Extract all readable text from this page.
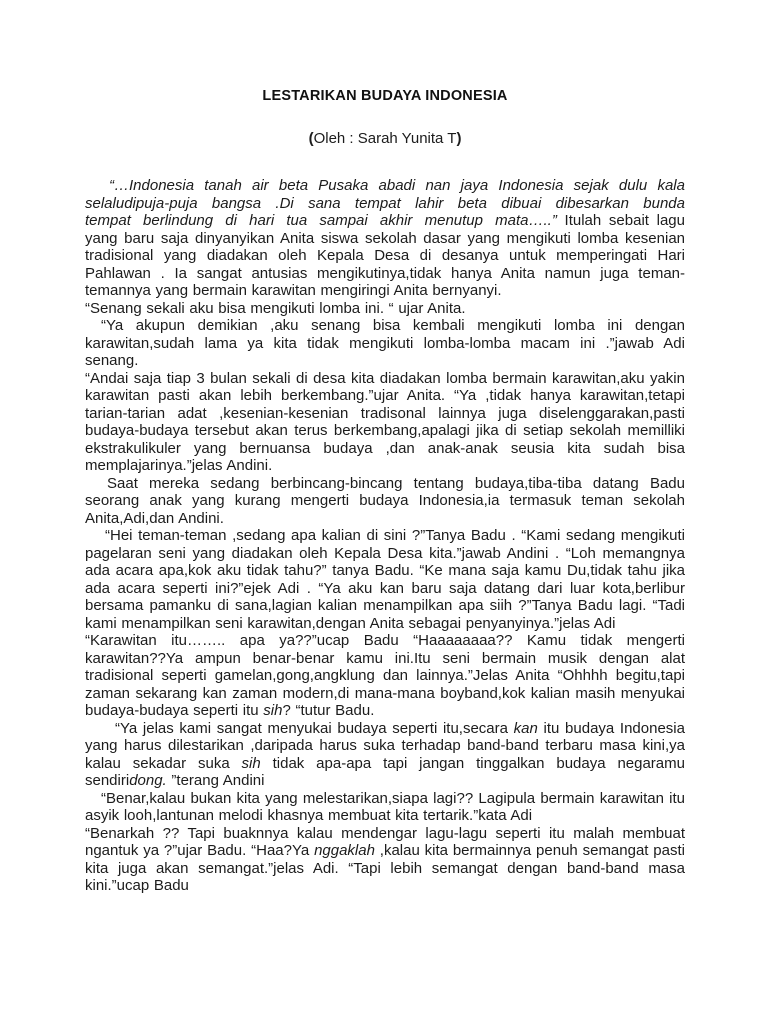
LESTARIKAN BUDAYA INDONESIA
(Oleh : Sarah Yunita T)

“…Indonesia tanah air beta Pusaka abadi nan jaya Indonesia sejak dulu kala selaludipuja-puja bangsa .Di sana tempat lahir beta dibuai dibesarkan bunda tempat berlindung di hari tua sampai akhir menutup mata…..” Itulah sebait lagu yang baru saja dinyanyikan Anita siswa sekolah dasar yang mengikuti lomba kesenian tradisional yang diadakan oleh Kepala Desa di desanya untuk memperingati Hari Pahlawan . Ia sangat antusias mengikutinya,tidak hanya Anita namun juga teman-temannya yang bermain karawitan mengiringi Anita bernyanyi.

“Senang sekali aku bisa mengikuti lomba ini. “ ujar Anita.

“Ya akupun demikian ,aku senang bisa kembali mengikuti lomba ini dengan karawitan,sudah lama ya kita tidak mengikuti lomba-lomba macam ini .”jawab Adi senang.

“Andai saja tiap 3 bulan sekali di desa kita diadakan lomba bermain karawitan,aku yakin karawitan pasti akan lebih berkembang.”ujar Anita. “Ya ,tidak hanya karawitan,tetapi tarian-tarian adat ,kesenian-kesenian tradisonal lainnya juga diselenggarakan,pasti budaya-budaya tersebut akan terus berkembang,apalagi jika di setiap sekolah memilliki ekstrakulikuler yang bernuansa budaya ,dan anak-anak seusia kita sudah bisa memplajarinya.”jelas Andini.

Saat mereka sedang berbincang-bincang tentang budaya,tiba-tiba datang Badu seorang anak yang kurang mengerti budaya Indonesia,ia termasuk teman sekolah Anita,Adi,dan Andini.

“Hei teman-teman ,sedang apa kalian di sini ?”Tanya Badu . “Kami sedang mengikuti pagelaran seni yang diadakan oleh Kepala Desa kita.”jawab Andini . “Loh memangnya ada acara apa,kok aku tidak tahu?” tanya Badu. “Ke mana saja kamu Du,tidak tahu jika ada acara seperti ini?”ejek Adi . “Ya aku kan baru saja datang dari luar kota,berlibur bersama pamanku di sana,lagian kalian menampilkan apa siih ?”Tanya Badu lagi. “Tadi kami menampilkan seni karawitan,dengan Anita sebagai penyanyinya.”jelas Adi

“Karawitan itu…….. apa ya??”ucap Badu “Haaaaaaaa?? Kamu tidak mengerti karawitan??Ya ampun benar-benar kamu ini.Itu seni bermain musik dengan alat tradisional seperti gamelan,gong,angklung dan lainnya.”Jelas Anita “Ohhhh begitu,tapi zaman sekarang kan zaman modern,di mana-mana boyband,kok kalian masih menyukai budaya-budaya seperti itu sih? “tutur Badu.

“Ya jelas kami sangat menyukai budaya seperti itu,secara kan itu budaya Indonesia yang harus dilestarikan ,daripada harus suka terhadap band-band terbaru masa kini,ya kalau sekadar suka sih tidak apa-apa tapi jangan tinggalkan budaya negaramu sendiridong. ”terang Andini

“Benar,kalau bukan kita yang melestarikan,siapa lagi?? Lagipula bermain karawitan itu asyik looh,lantunan melodi khasnya membuat kita tertarik.”kata Adi

“Benarkah ?? Tapi buaknnya kalau mendengar lagu-lagu seperti itu malah membuat ngantuk ya ?”ujar Badu. “Haa?Ya nggaklah ,kalau kita bermainnya penuh semangat pasti kita juga akan semangat.”jelas Adi. “Tapi lebih semangat dengan band-band masa kini.”ucap Badu
